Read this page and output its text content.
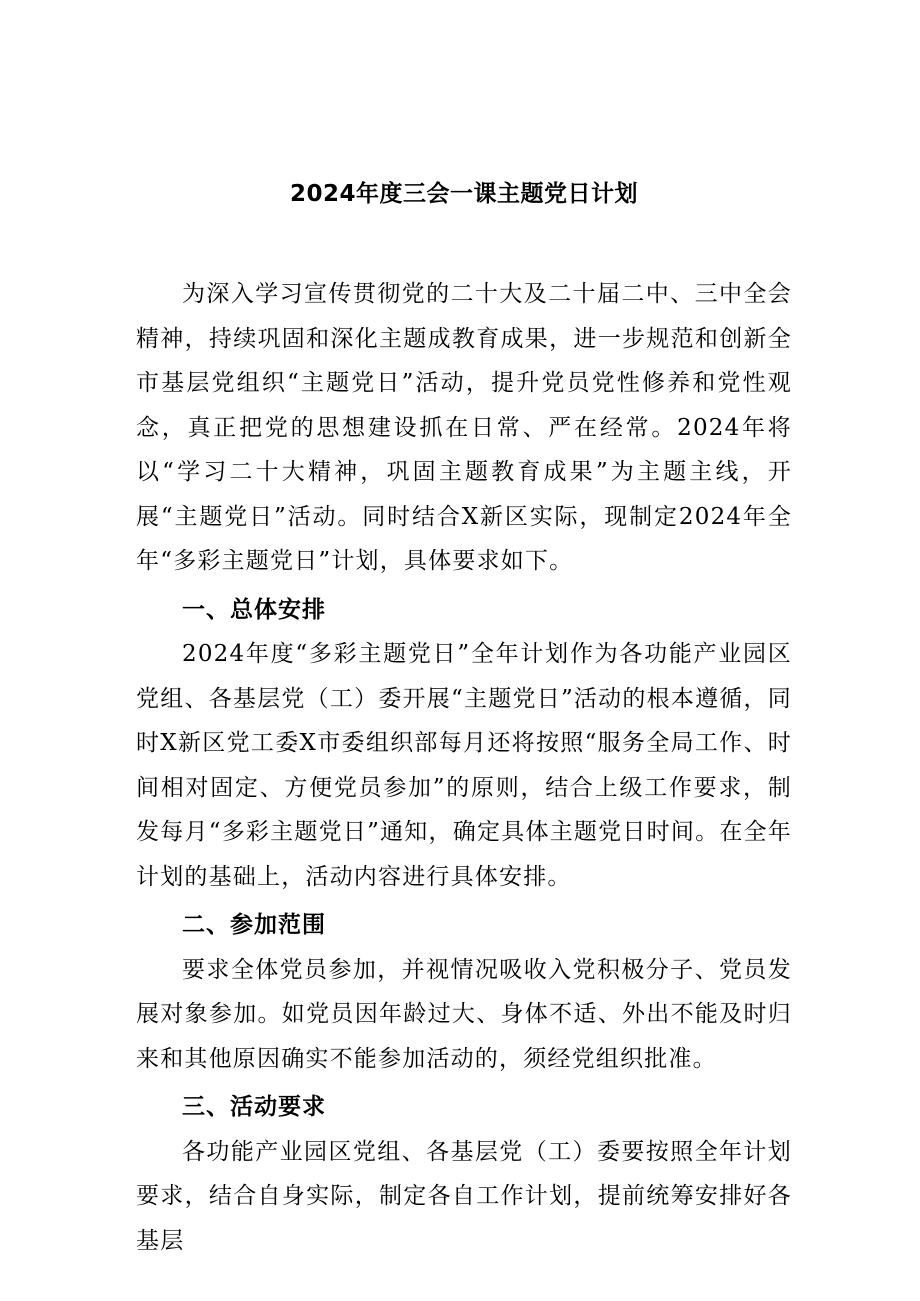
2024年度三会一课主题党日计划

为深入学习宣传贯彻党的二十大及二十届二中、三中全会精神，持续巩固和深化主题成教育成果，进一步规范和创新全市基层党组织“主题党日”活动，提升党员党性修养和党性观念，真正把党的思想建设抓在日常、严在经常。2024年将以“学习二十大精神，巩固主题教育成果”为主题主线，开展“主题党日”活动。同时结合X新区实际，现制定2024年全年“多彩主题党日”计划，具体要求如下。

一、总体安排

2024年度“多彩主题党日”全年计划作为各功能产业园区党组、各基层党（工）委开展“主题党日”活动的根本遵循，同时X新区党工委X市委组织部每月还将按照“服务全局工作、时间相对固定、方便党员参加”的原则，结合上级工作要求，制发每月“多彩主题党日”通知，确定具体主题党日时间。在全年计划的基础上，活动内容进行具体安排。

二、参加范围

要求全体党员参加，并视情况吸收入党积极分子、党员发展对象参加。如党员因年龄过大、身体不适、外出不能及时归来和其他原因确实不能参加活动的，须经党组织批准。

三、活动要求

各功能产业园区党组、各基层党（工）委要按照全年计划要求，结合自身实际，制定各自工作计划，提前统筹安排好各基层
